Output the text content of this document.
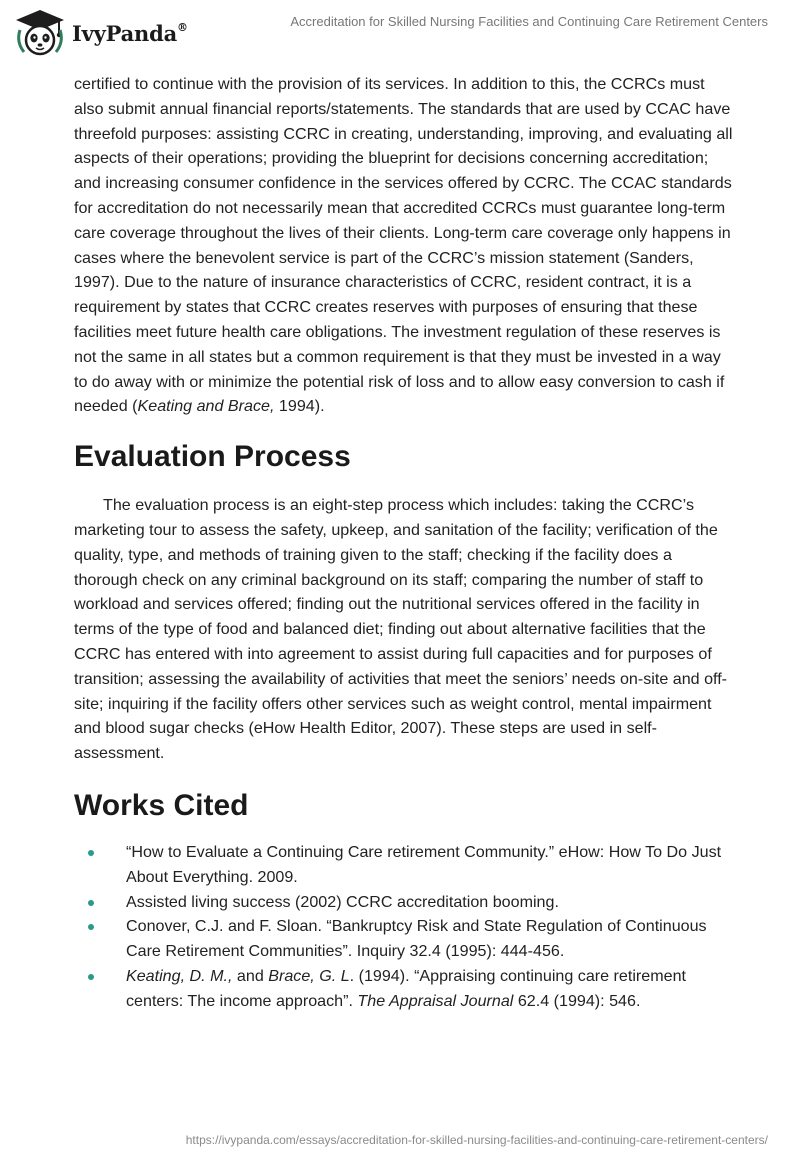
IvyPanda®	Accreditation for Skilled Nursing Facilities and Continuing Care Retirement Centers

certified to continue with the provision of its services. In addition to this, the CCRCs must also submit annual financial reports/statements. The standards that are used by CCAC have threefold purposes: assisting CCRC in creating, understanding, improving, and evaluating all aspects of their operations; providing the blueprint for decisions concerning accreditation; and increasing consumer confidence in the services offered by CCRC. The CCAC standards for accreditation do not necessarily mean that accredited CCRCs must guarantee long-term care coverage throughout the lives of their clients. Long-term care coverage only happens in cases where the benevolent service is part of the CCRC’s mission statement (Sanders, 1997). Due to the nature of insurance characteristics of CCRC, resident contract, it is a requirement by states that CCRC creates reserves with purposes of ensuring that these facilities meet future health care obligations. The investment regulation of these reserves is not the same in all states but a common requirement is that they must be invested in a way to do away with or minimize the potential risk of loss and to allow easy conversion to cash if needed (Keating and Brace, 1994).

Evaluation Process

The evaluation process is an eight-step process which includes: taking the CCRC’s marketing tour to assess the safety, upkeep, and sanitation of the facility; verification of the quality, type, and methods of training given to the staff; checking if the facility does a thorough check on any criminal background on its staff; comparing the number of staff to workload and services offered; finding out the nutritional services offered in the facility in terms of the type of food and balanced diet; finding out about alternative facilities that the CCRC has entered with into agreement to assist during full capacities and for purposes of transition; assessing the availability of activities that meet the seniors’ needs on-site and off-site; inquiring if the facility offers other services such as weight control, mental impairment and blood sugar checks (eHow Health Editor, 2007). These steps are used in self-assessment.

Works Cited
“How to Evaluate a Continuing Care retirement Community.” eHow: How To Do Just About Everything. 2009.
Assisted living success (2002) CCRC accreditation booming.
Conover, C.J. and F. Sloan. “Bankruptcy Risk and State Regulation of Continuous Care Retirement Communities”. Inquiry 32.4 (1995): 444-456.
Keating, D. M., and Brace, G. L. (1994). “Appraising continuing care retirement centers: The income approach”. The Appraisal Journal 62.4 (1994): 546.
https://ivypanda.com/essays/accreditation-for-skilled-nursing-facilities-and-continuing-care-retirement-centers/
